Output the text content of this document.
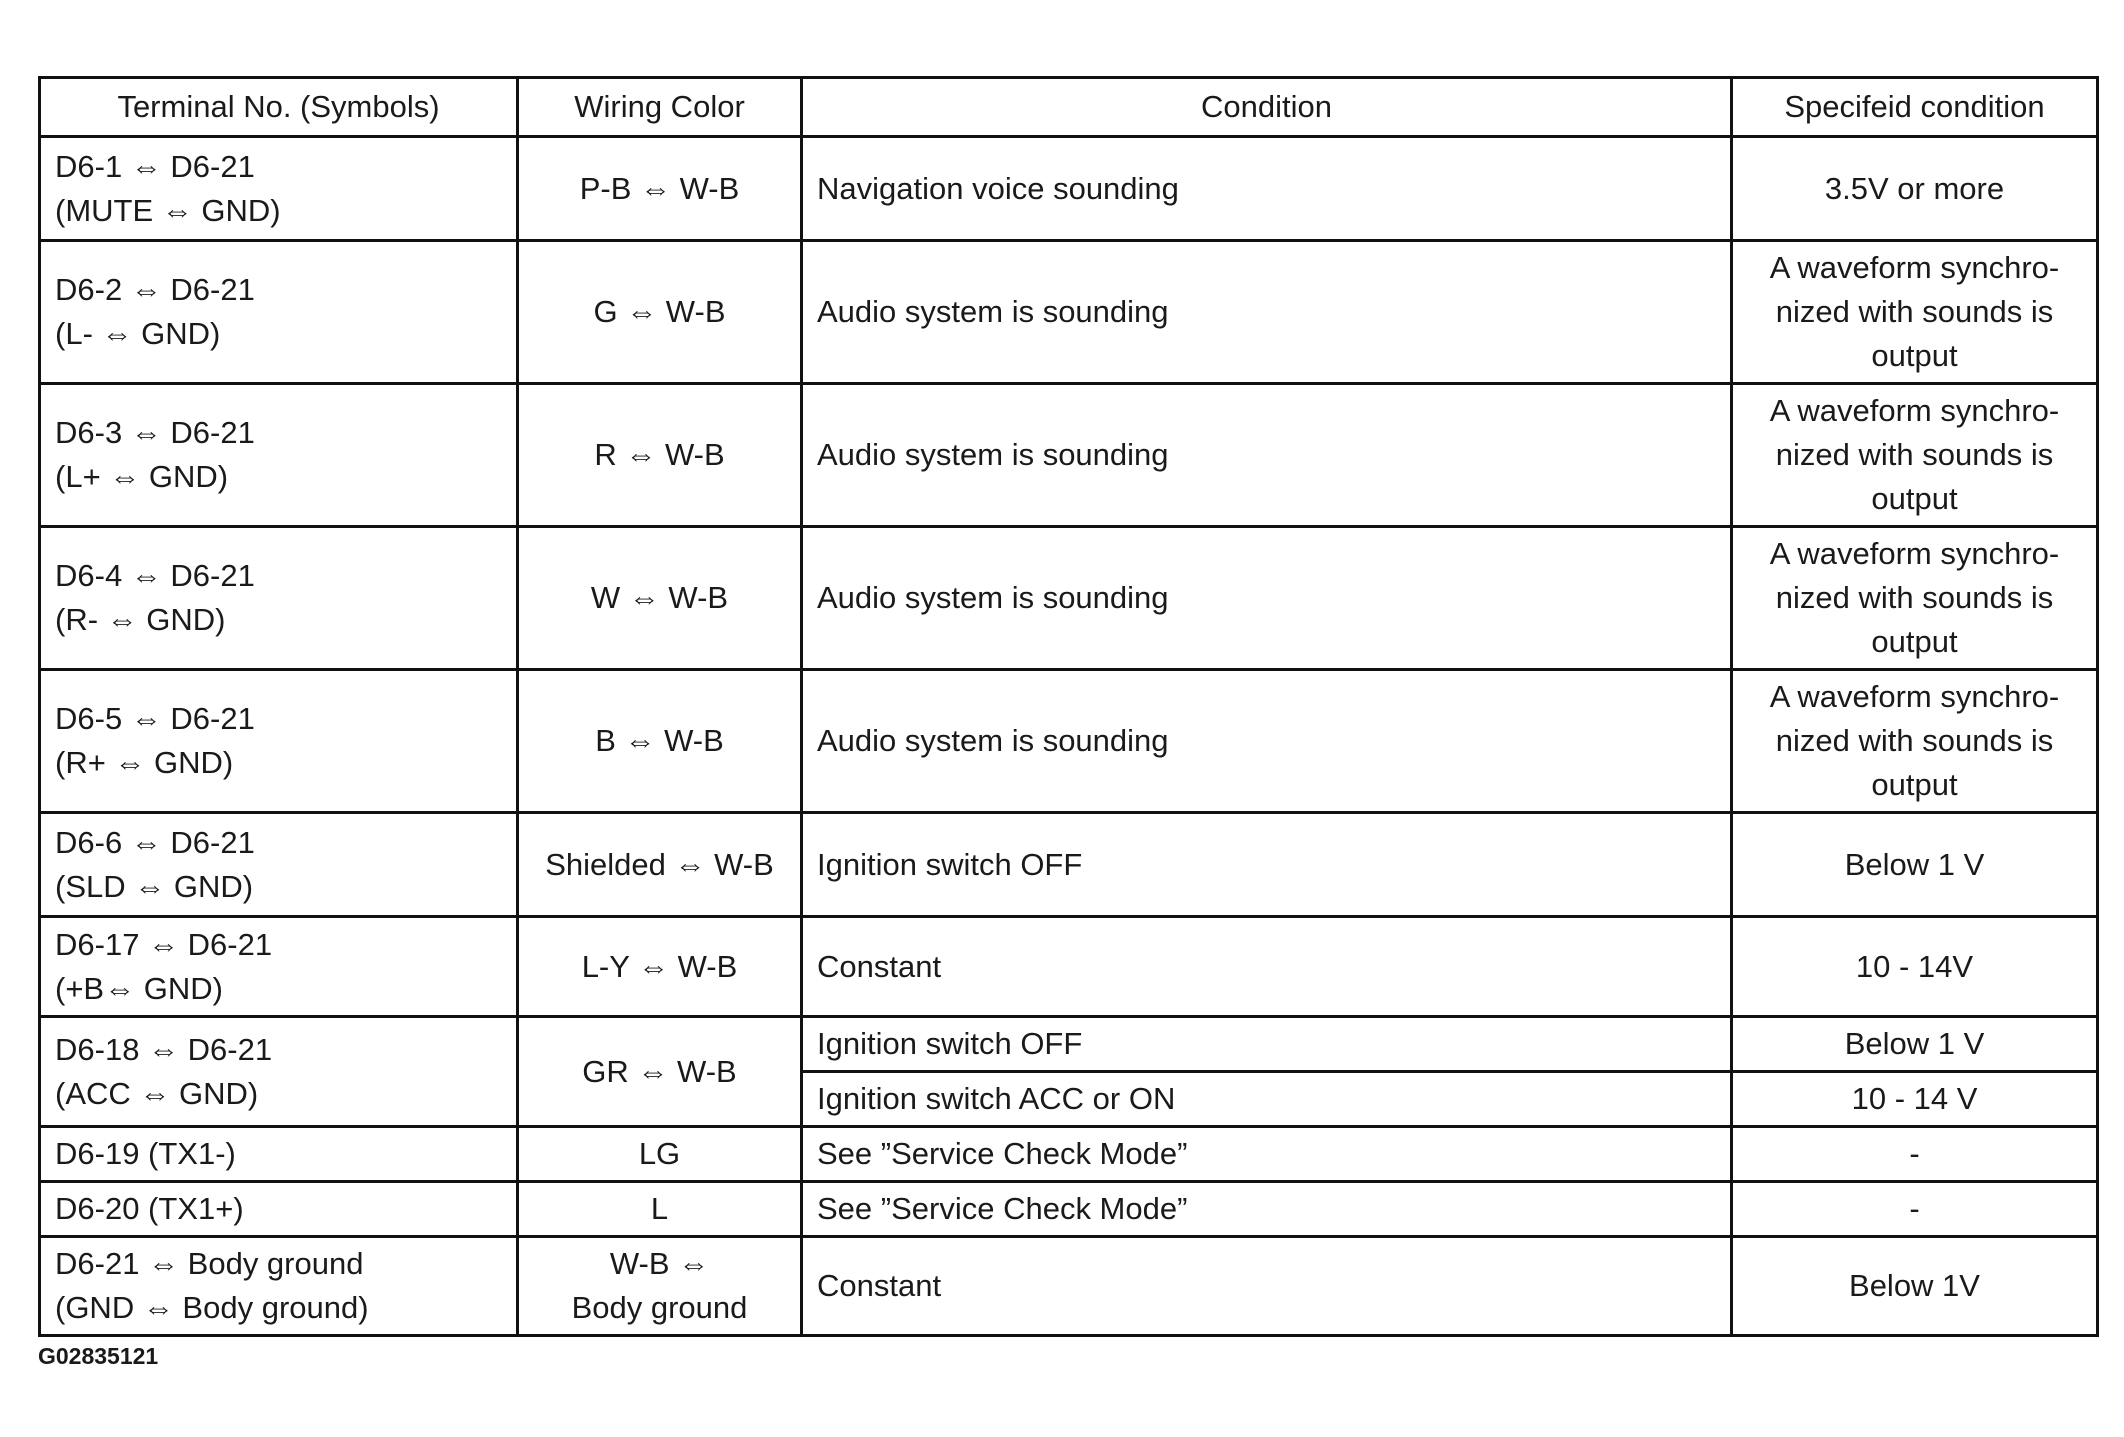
Terminal No. (Symbols)	Wiring Color	Condition	Specifeid condition

D6-1 ⇔ D6-21
(MUTE ⇔ GND)	P-B ⇔ W-B	Navigation voice sounding	3.5V or more

D6-2 ⇔ D6-21
(L- ⇔ GND)	G ⇔ W-B	Audio system is sounding	A waveform synchro-
nized with sounds is
output

D6-3 ⇔ D6-21
(L+ ⇔ GND)	R ⇔ W-B	Audio system is sounding	A waveform synchro-
nized with sounds is
output

D6-4 ⇔ D6-21
(R- ⇔ GND)	W ⇔ W-B	Audio system is sounding	A waveform synchro-
nized with sounds is
output

D6-5 ⇔ D6-21
(R+ ⇔ GND)	B ⇔ W-B	Audio system is sounding	A waveform synchro-
nized with sounds is
output

D6-6 ⇔ D6-21
(SLD ⇔ GND)	Shielded ⇔ W-B	Ignition switch OFF	Below 1 V

D6-17 ⇔ D6-21
(+B⇔ GND)	L-Y ⇔ W-B	Constant	10 - 14V

D6-18 ⇔ D6-21
(ACC ⇔ GND)	GR ⇔ W-B	Ignition switch OFF	Below 1 V
		Ignition switch ACC or ON	10 - 14 V

D6-19 (TX1-)	LG	See ”Service Check Mode”	-

D6-20 (TX1+)	L	See ”Service Check Mode”	-

D6-21 ⇔ Body ground
(GND ⇔ Body ground)	W-B ⇔
Body ground	Constant	Below 1V
G02835121
